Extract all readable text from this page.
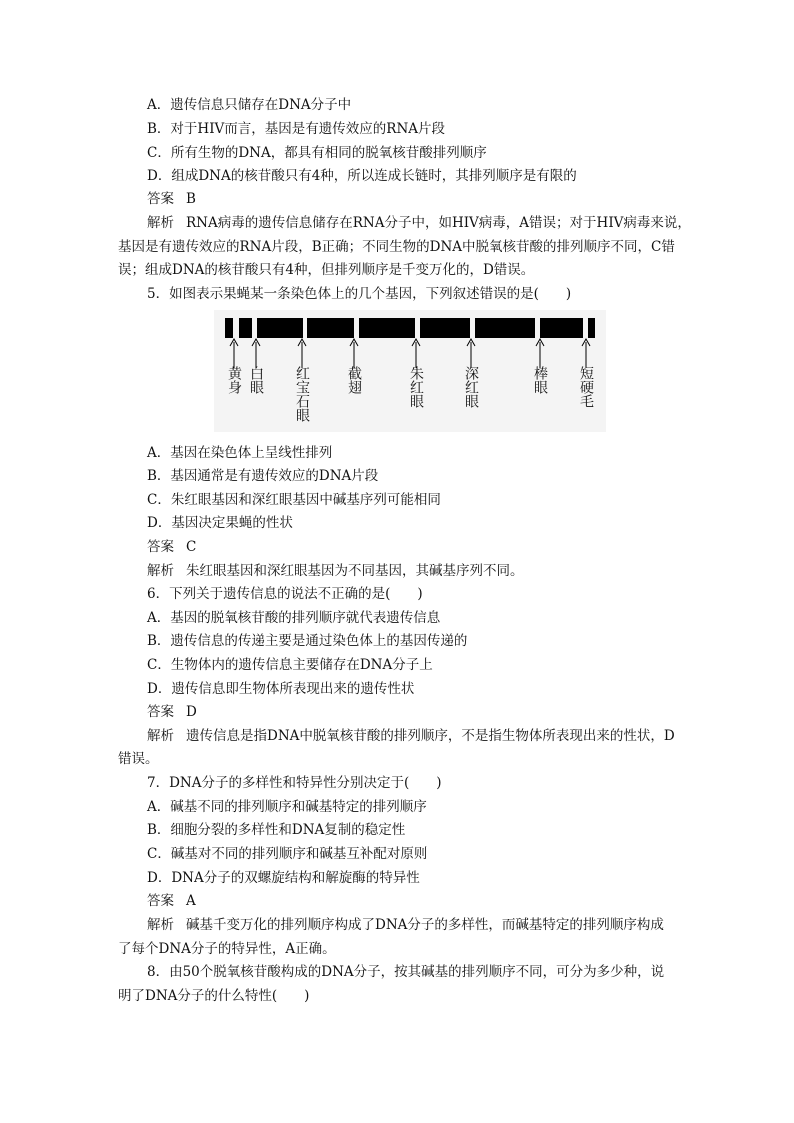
A．遗传信息只储存在DNA分子中
B．对于HIV而言，基因是有遗传效应的RNA片段
C．所有生物的DNA，都具有相同的脱氧核苷酸排列顺序
D．组成DNA的核苷酸只有4种，所以连成长链时，其排列顺序是有限的
答案 B
解析 RNA病毒的遗传信息储存在RNA分子中，如HIV病毒，A错误；对于HIV病毒来说，
基因是有遗传效应的RNA片段，B正确；不同生物的DNA中脱氧核苷酸的排列顺序不同，C错
误；组成DNA的核苷酸只有4种，但排列顺序是千变万化的，D错误。
5．如图表示果蝇某一条染色体上的几个基因，下列叙述错误的是(　　)
黄身 白眼 红宝石眼	截翅	朱红眼	深红眼	棒眼 短硬毛
A．基因在染色体上呈线性排列
B．基因通常是有遗传效应的DNA片段
C．朱红眼基因和深红眼基因中碱基序列可能相同
D．基因决定果蝇的性状
答案 C
解析 朱红眼基因和深红眼基因为不同基因，其碱基序列不同。
6．下列关于遗传信息的说法不正确的是(　　)
A．基因的脱氧核苷酸的排列顺序就代表遗传信息
B．遗传信息的传递主要是通过染色体上的基因传递的
C．生物体内的遗传信息主要储存在DNA分子上
D．遗传信息即生物体所表现出来的遗传性状
答案 D
解析 遗传信息是指DNA中脱氧核苷酸的排列顺序，不是指生物体所表现出来的性状，D
错误。
7．DNA分子的多样性和特异性分别决定于(　　)
A．碱基不同的排列顺序和碱基特定的排列顺序
B．细胞分裂的多样性和DNA复制的稳定性
C．碱基对不同的排列顺序和碱基互补配对原则
D．DNA分子的双螺旋结构和解旋酶的特异性
答案 A
解析 碱基千变万化的排列顺序构成了DNA分子的多样性，而碱基特定的排列顺序构成
了每个DNA分子的特异性，A正确。
8．由50个脱氧核苷酸构成的DNA分子，按其碱基的排列顺序不同，可分为多少种，说
明了DNA分子的什么特性(　　)
